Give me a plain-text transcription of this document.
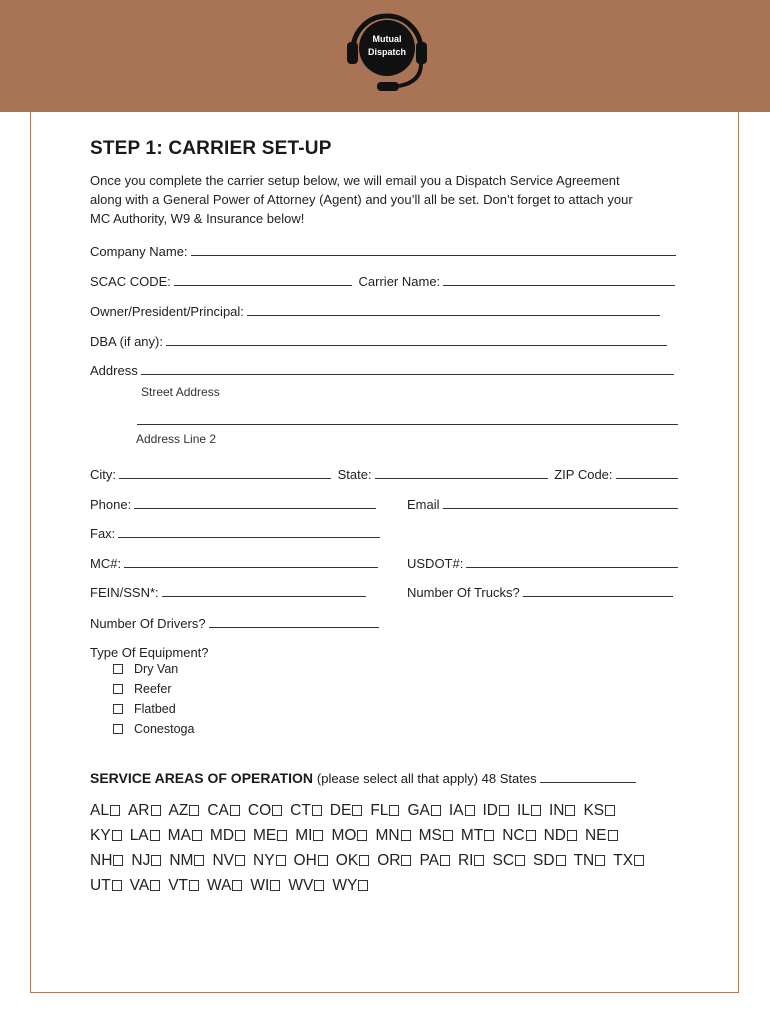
Mutual
Dispatch
STEP 1: CARRIER SET-UP
Once you complete the carrier setup below, we will email you a Dispatch Service Agreement
along with a General Power of Attorney (Agent) and you’ll all be set. Don’t forget to attach your
MC Authority, W9 & Insurance below!
Company Name:
SCAC CODE:	Carrier Name:
Owner/President/Principal:
DBA (if any):
Address
Street Address
Address Line 2
City:	State:	ZIP Code:
Phone:	Email
Fax:
MC#:	USDOT#:
FEIN/SSN*:	Number Of Trucks?
Number Of Drivers?
Type Of Equipment?
Dry Van
Reefer
Flatbed
Conestoga
SERVICE AREAS OF OPERATION (please select all that apply) 48 States
AL AR AZ CA CO CT DE FL GA IA ID IL IN KS
KY LA MA MD ME MI MO MN MS MT NC ND NE
NH NJ NM NV NY OH OK OR PA RI SC SD TN TX
UT VA VT WA WI WV WY
